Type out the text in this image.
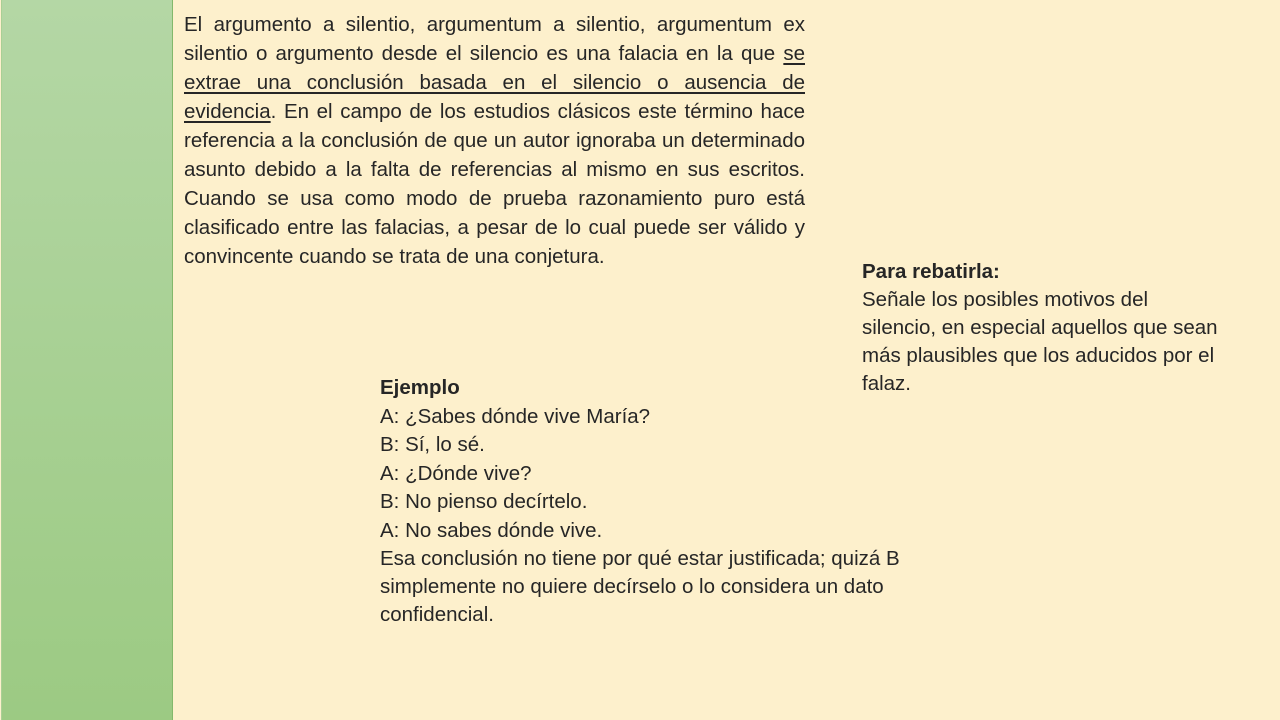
El argumento a silentio, argumentum a silentio, argumentum ex silentio o argumento desde el silencio es una falacia en la que se extrae una conclusión basada en el silencio o ausencia de evidencia. En el campo de los estudios clásicos este término hace referencia a la conclusión de que un autor ignoraba un determinado asunto debido a la falta de referencias al mismo en sus escritos. Cuando se usa como modo de prueba razonamiento puro está clasificado entre las falacias, a pesar de lo cual puede ser válido y convincente cuando se trata de una conjetura.

Para rebatirla:
Señale los posibles motivos del silencio, en especial aquellos que sean más plausibles que los aducidos por el falaz.
Ejemplo
A: ¿Sabes dónde vive María?
B: Sí, lo sé.
A: ¿Dónde vive?
B: No pienso decírtelo.
A: No sabes dónde vive.
Esa conclusión no tiene por qué estar justificada; quizá B simplemente no quiere decírselo o lo considera un dato confidencial.
